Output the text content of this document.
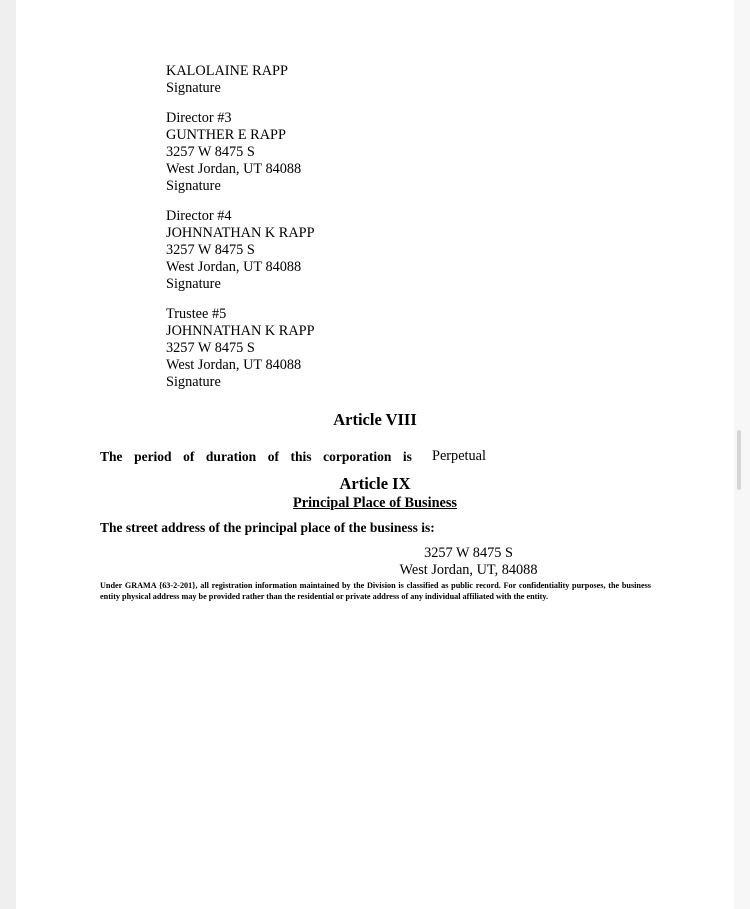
KALOLAINE RAPP
Signature
Director #3
GUNTHER E RAPP
3257 W 8475 S
West Jordan, UT 84088
Signature
Director #4
JOHNNATHAN K RAPP
3257 W 8475 S
West Jordan, UT 84088
Signature
Trustee #5
JOHNNATHAN K RAPP
3257 W 8475 S
West Jordan, UT 84088
Signature
Article VIII
The period of duration of this corporation is Perpetual
Article IX
Principal Place of Business
The street address of the principal place of the business is:
3257 W 8475 S
West Jordan, UT, 84088
Under GRAMA {63-2-201}, all registration information maintained by the Division is classified as public record. For confidentiality purposes, the business entity physical address may be provided rather than the residential or private address of any individual affiliated with the entity.
